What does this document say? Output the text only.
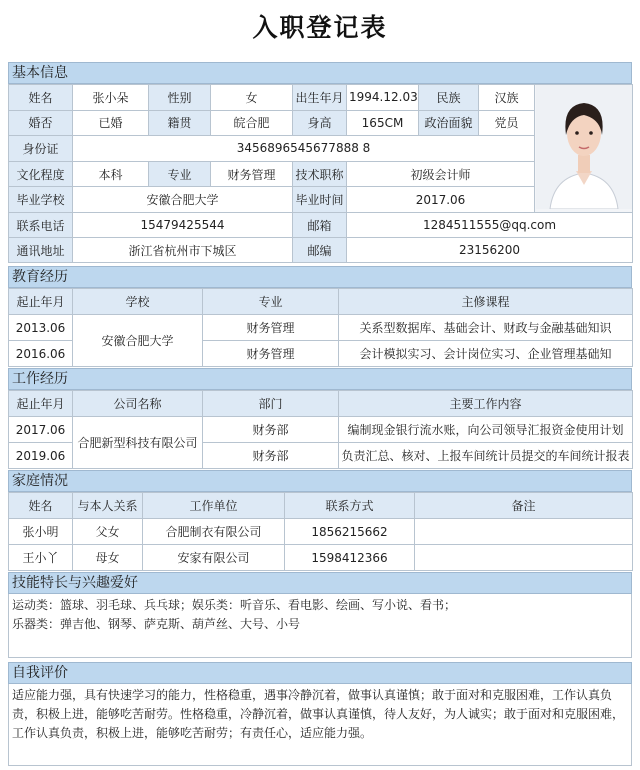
入职登记表
基本信息
姓名	张小朵	性别	女	出生年月	1994.12.03	民族	汉族	
婚否	已婚	籍贯	皖合肥	身高	165CM	政治面貌	党员	
身份证	3456896545677888 8							
文化程度	本科	专业	财务管理	技术职称	初级会计师			
毕业学校	安徽合肥大学			毕业时间	2017.06			
联系电话	15479425544			邮箱	1284511555@qq.com			
通讯地址	浙江省杭州市下城区			邮编	23156200			
教育经历
起止年月	学校	专业	主修课程
2013.06	安徽合肥大学	财务管理	关系型数据库、基础会计、财政与金融基础知识
2016.06		财务管理	会计模拟实习、会计岗位实习、企业管理基础知
工作经历
起止年月	公司名称	部门	主要工作内容
2017.06	合肥新型科技有限公司	财务部	编制现金银行流水账，向公司领导汇报资金使用计划
2019.06		财务部	负责汇总、核对、上报车间统计员提交的车间统计报表
家庭情况
姓名	与本人关系	工作单位	联系方式	备注
张小明	父女	合肥制衣有限公司	1856215662	
王小丫	母女	安家有限公司	1598412366	
技能特长与兴趣爱好
运动类：篮球、羽毛球、兵乓球；娱乐类：听音乐、看电影、绘画、写小说、看书；
乐器类：弹吉他、钢琴、萨克斯、葫芦丝、大号、小号
自我评价
适应能力强，具有快速学习的能力，性格稳重，遇事冷静沉着，做事认真谨慎；敢于面对和克服困难，工作认真负责，积极上进，能够吃苦耐劳。性格稳重，冷静沉着，做事认真谨慎，待人友好，为人诚实；敢于面对和克服困难，工作认真负责，积极上进，能够吃苦耐劳；有责任心，适应能力强。
